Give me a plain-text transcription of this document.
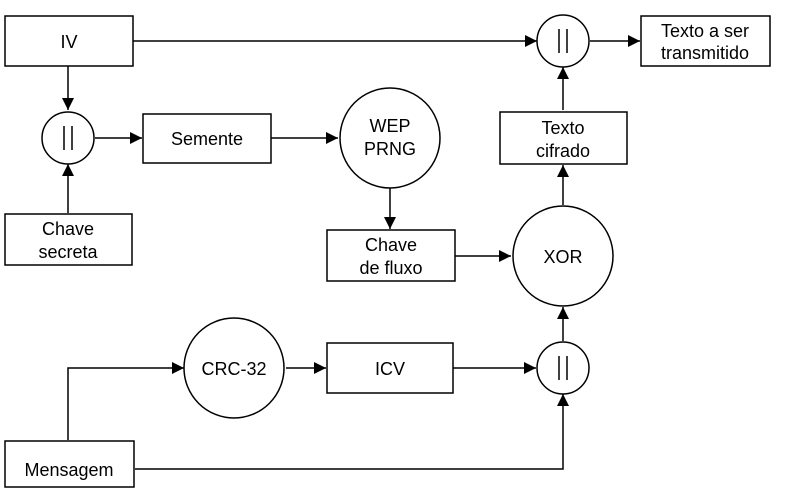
IV
Texto a ser
transmitido
Semente
WEP
PRNG
Texto
cifrado
Chave
secreta	Chave
de fluxo
XOR
CRC-32	ICV
Mensagem
